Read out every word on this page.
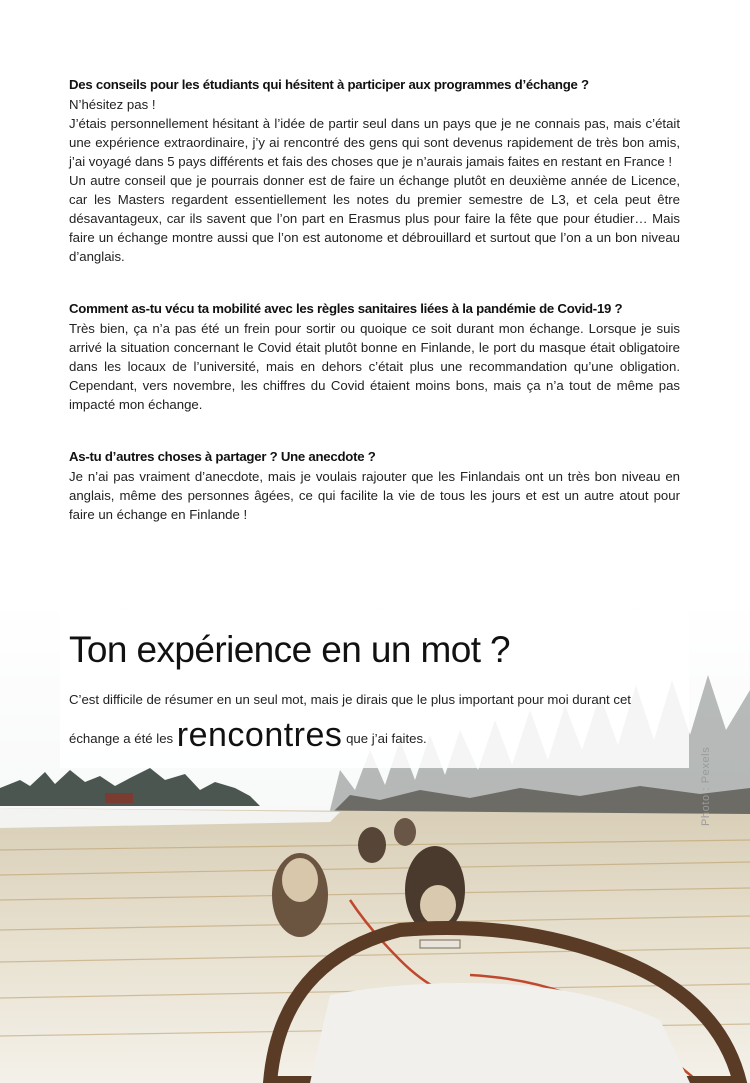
Des conseils pour les étudiants qui hésitent à participer aux programmes d’échange ?

N’hésitez pas !

J’étais personnellement hésitant à l’idée de partir seul dans un pays que je ne connais pas, mais c’était une expérience extraordinaire, j’y ai rencontré des gens qui sont devenus rapidement de très bon amis, j’ai voyagé dans 5 pays différents et fais des choses que je n’aurais jamais faites en restant en France !

Un autre conseil que je pourrais donner est de faire un échange plutôt en deuxième année de Licence, car les Masters regardent essentiellement les notes du premier semestre de L3, et cela peut être désavantageux, car ils savent que l’on part en Erasmus plus pour faire la fête que pour étudier… Mais faire un échange montre aussi que l’on est autonome et débrouillard et surtout que l’on a un bon niveau d’anglais.

Comment as-tu vécu ta mobilité avec les règles sanitaires liées à la pandémie de Covid-19 ?

Très bien, ça n’a pas été un frein pour sortir ou quoique ce soit durant mon échange. Lorsque je suis arrivé la situation concernant le Covid était plutôt bonne en Finlande, le port du masque était obligatoire dans les locaux de l’université, mais en dehors c’était plus une recommandation qu’une obligation. Cependant, vers novembre, les chiffres du Covid étaient moins bons, mais ça n’a tout de même pas impacté mon échange.

As-tu d’autres choses à partager ? Une anecdote ?

Je n’ai pas vraiment d’anecdote, mais je voulais rajouter que les Finlandais ont un très bon niveau en anglais, même des personnes âgées, ce qui facilite la vie de tous les jours et est un autre atout pour faire un échange en Finlande !

Ton expérience en un mot ?

C’est difficile de résumer en un seul mot, mais je dirais que le plus important pour moi durant cet

échange a été les rencontres que j’ai faites.
Photo : Pexels
